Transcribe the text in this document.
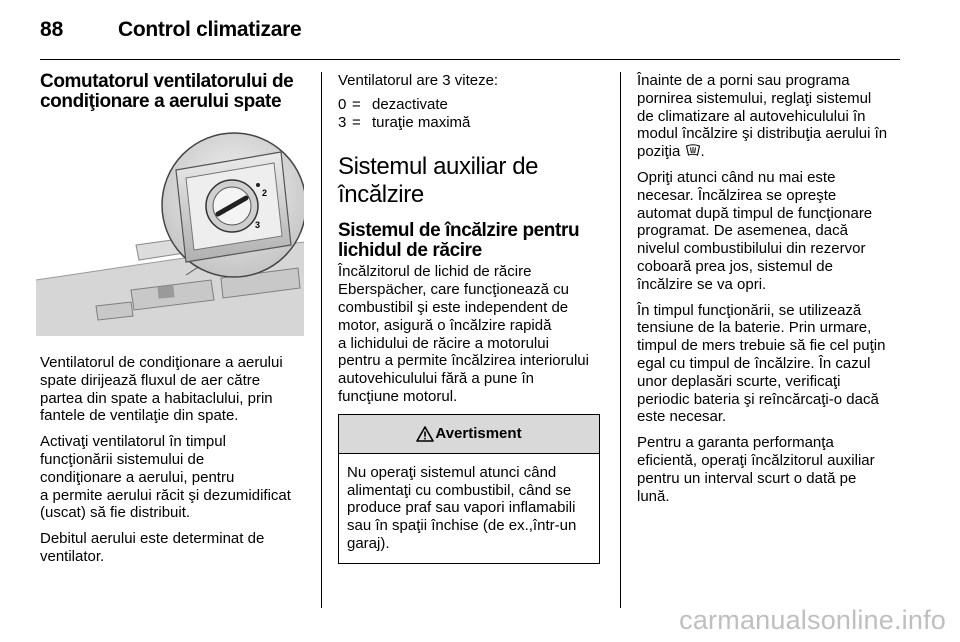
88	Control climatizare
Comutatorul ventilatorului de
condiţionare a aerului spate
2
3

Ventilatorul de condiţionare a aerului
spate dirijează fluxul de aer către
partea din spate a habitaclului, prin
fantele de ventilaţie din spate.

Activaţi ventilatorul în timpul
funcţionării sistemului de
condiţionare a aerului, pentru
a permite aerului răcit şi dezumidificat
(uscat) să fie distribuit.

Debitul aerului este determinat de
ventilator.

Ventilatorul are 3 viteze:

0 = dezactivate
3 = turaţie maximă
Sistemul auxiliar de
încălzire
Sistemul de încălzire pentru
lichidul de răcire

Încălzitorul de lichid de răcire
Eberspächer, care funcţionează cu
combustibil şi este independent de
motor, asigură o încălzire rapidă
a lichidului de răcire a motorului
pentru a permite încălzirea interiorului
autovehiculului fără a pune în
funcţiune motorul.

Avertisment
Nu operaţi sistemul atunci când
alimentaţi cu combustibil, când se
produce praf sau vapori inflamabili
sau în spaţii închise (de ex.,într-un
garaj).

Înainte de a porni sau programa
pornirea sistemului, reglaţi sistemul
de climatizare al autovehiculului în
modul încălzire şi distribuţia aerului în
poziţia .

Opriţi atunci când nu mai este
necesar. Încălzirea se opreşte
automat după timpul de funcţionare
programat. De asemenea, dacă
nivelul combustibilului din rezervor
coboară prea jos, sistemul de
încălzire se va opri.

În timpul funcţionării, se utilizează
tensiune de la baterie. Prin urmare,
timpul de mers trebuie să fie cel puţin
egal cu timpul de încălzire. În cazul
unor deplasări scurte, verificaţi
periodic bateria şi reîncărcaţi-o dacă
este necesar.

Pentru a garanta performanţa
eficientă, operaţi încălzitorul auxiliar
pentru un interval scurt o dată pe
lună.

carmanualsonline.info
